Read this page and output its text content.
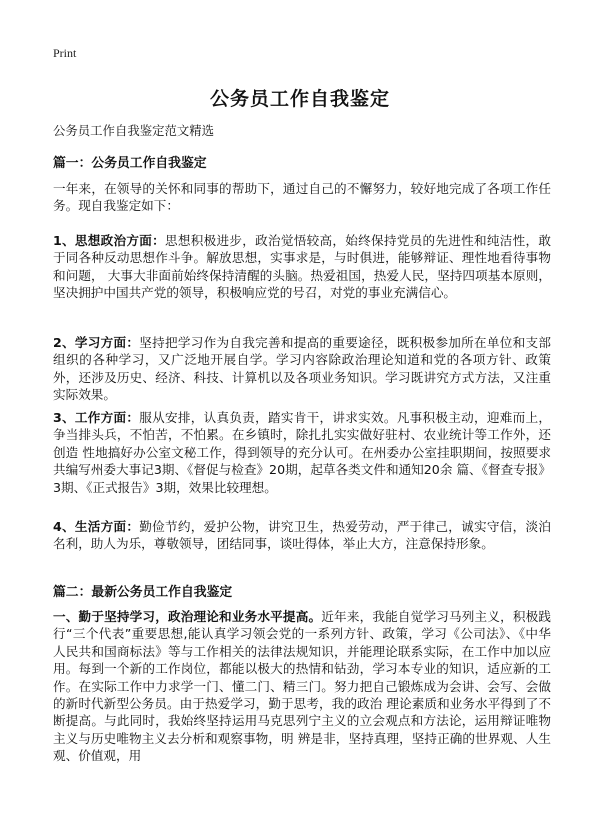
Print
公务员工作自我鉴定
公务员工作自我鉴定范文精选
篇一：公务员工作自我鉴定
一年来，在领导的关怀和同事的帮助下，通过自己的不懈努力，较好地完成了各项工作任务。现自我鉴定如下：
1、思想政治方面：思想积极进步，政治觉悟较高，始终保持党员的先进性和纯洁性，敢于同各种反动思想作斗争。解放思想，实事求是，与时俱进，能够辩证、理性地看待事物和问题， 大事大非面前始终保持清醒的头脑。热爱祖国，热爱人民，坚持四项基本原则，坚决拥护中国共产党的领导，积极响应党的号召，对党的事业充满信心。
2、学习方面：坚持把学习作为自我完善和提高的重要途径，既积极参加所在单位和支部组织的各种学习，又广泛地开展自学。学习内容除政治理论知道和党的各项方针、政策外，还涉及历史、经济、科技、计算机以及各项业务知识。学习既讲究方式方法，又注重实际效果。
3、工作方面：服从安排，认真负责，踏实肯干，讲求实效。凡事积极主动，迎难而上，争当排头兵，不怕苦，不怕累。在乡镇时，除扎扎实实做好驻村、农业统计等工作外，还创造 性地搞好办公室文秘工作，得到领导的充分认可。在州委办公室挂职期间，按照要求共编写州委大事记3期、《督促与检查》20期，起草各类文件和通知20余 篇、《督查专报》3期、《正式报告》3期，效果比较理想。
4、生活方面：勤俭节约，爱护公物，讲究卫生，热爱劳动，严于律己，诚实守信，淡泊名利，助人为乐，尊敬领导，团结同事，谈吐得体，举止大方，注意保持形象。
篇二：最新公务员工作自我鉴定
一、勤于坚持学习，政治理论和业务水平提高。近年来，我能自觉学习马列主义，积极践行“三个代表”重要思想,能认真学习领会党的一系列方针、政策，学习《公司法》、《中华 人民共和国商标法》等与工作相关的法律法规知识，并能理论联系实际，在工作中加以应用。每到一个新的工作岗位，都能以极大的热情和钻劲，学习本专业的知识，适应新的工作。在实际工作中力求学一门、懂二门、精三门。努力把自己锻炼成为会讲、会写、会做的新时代新型公务员。由于热爱学习，勤于思考，我的政治 理论素质和业务水平得到了不断提高。与此同时，我始终坚持运用马克思列宁主义的立会观点和方法论，运用辩证唯物主义与历史唯物主义去分析和观察事物，明 辨是非，坚持真理，坚持正确的世界观、人生观、价值观，用
